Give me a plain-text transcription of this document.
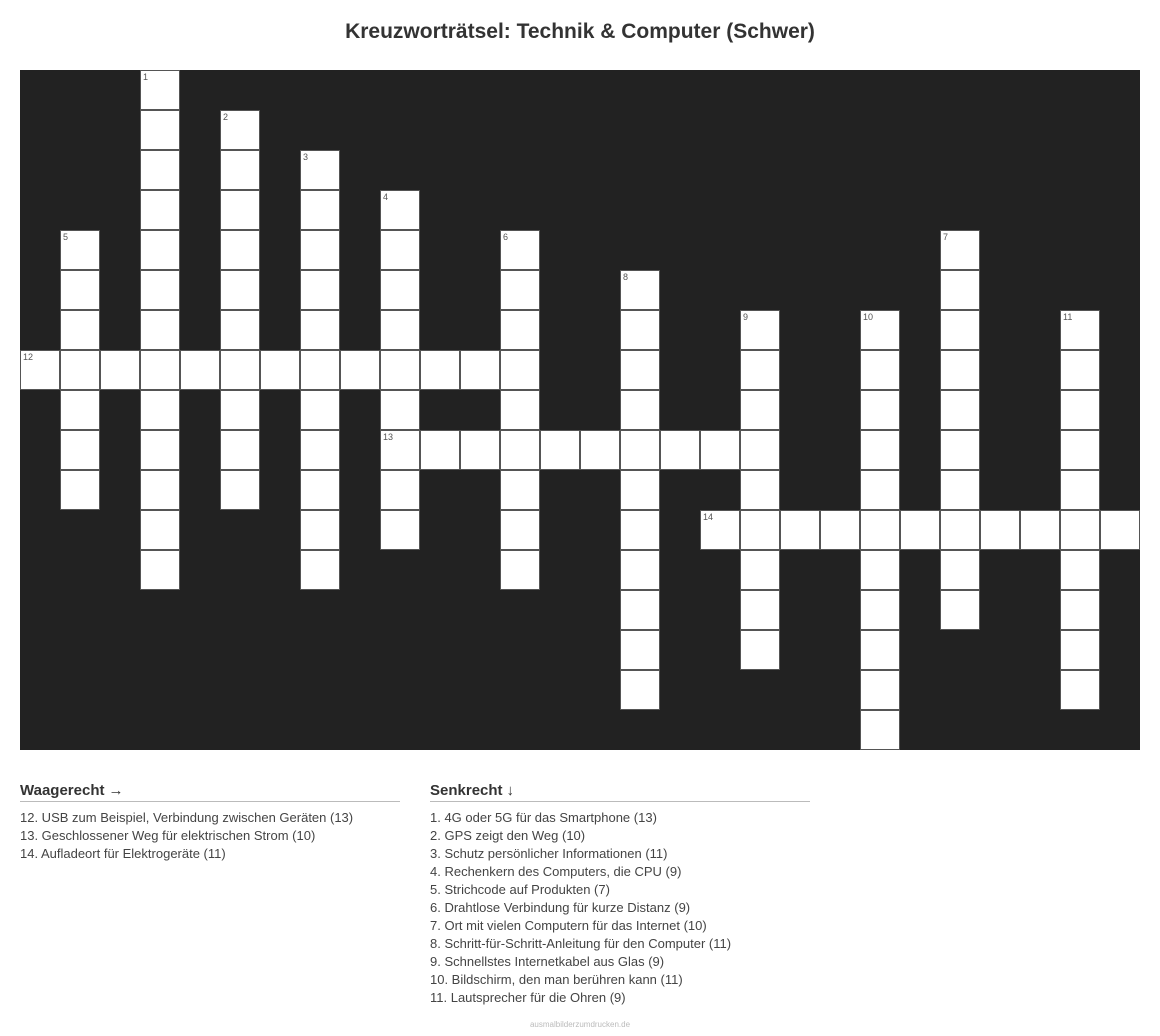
Kreuzworträtsel: Technik & Computer (Schwer)
1
2
3
4
13
5	6	7
8
9	10	11
12
14
Waagerecht →
12. USB zum Beispiel, Verbindung zwischen Geräten (13)
13. Geschlossener Weg für elektrischen Strom (10)
14. Aufladeort für Elektrogeräte (11)
Senkrecht ↓
1. 4G oder 5G für das Smartphone (13)
2. GPS zeigt den Weg (10)
3. Schutz persönlicher Informationen (11)
4. Rechenkern des Computers, die CPU (9)
5. Strichcode auf Produkten (7)
6. Drahtlose Verbindung für kurze Distanz (9)
7. Ort mit vielen Computern für das Internet (10)
8. Schritt-für-Schritt-Anleitung für den Computer (11)
9. Schnellstes Internetkabel aus Glas (9)
10. Bildschirm, den man berühren kann (11)
11. Lautsprecher für die Ohren (9)
ausmalbilderzumdrucken.de
